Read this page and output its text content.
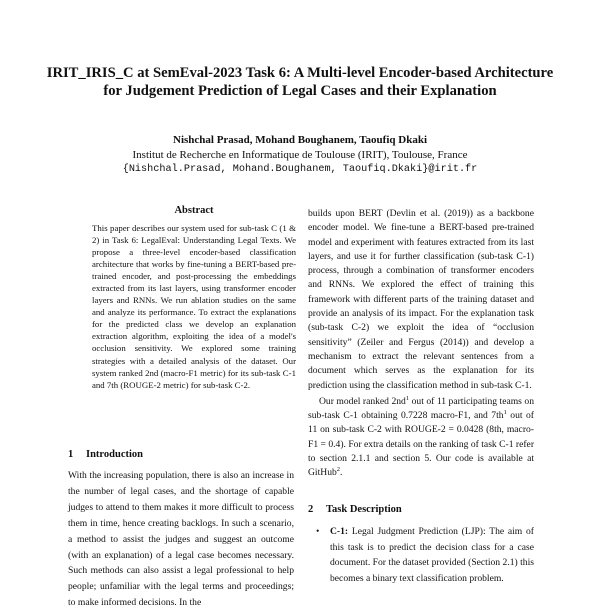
IRIT_IRIS_C at SemEval-2023 Task 6: A Multi-level Encoder-based Architecture for Judgement Prediction of Legal Cases and their Explanation
Nishchal Prasad, Mohand Boughanem, Taoufiq Dkaki
Institut de Recherche en Informatique de Toulouse (IRIT), Toulouse, France
{Nishchal.Prasad, Mohand.Boughanem, Taoufiq.Dkaki}@irit.fr
Abstract

This paper describes our system used for sub-task C (1 & 2) in Task 6: LegalEval: Understanding Legal Texts. We propose a three-level encoder-based classification architecture that works by fine-tuning a BERT-based pre-trained encoder, and post-processing the embeddings extracted from its last layers, using transformer encoder layers and RNNs. We run ablation studies on the same and analyze its performance. To extract the explanations for the predicted class we develop an explanation extraction algorithm, exploiting the idea of a model's occlusion sensitivity. We explored some training strategies with a detailed analysis of the dataset. Our system ranked 2nd (macro-F1 metric) for its sub-task C-1 and 7th (ROUGE-2 metric) for sub-task C-2.

1 Introduction

With the increasing population, there is also an increase in the number of legal cases, and the shortage of capable judges to attend to them makes it more difficult to process them in time, hence creating backlogs. In such a scenario, a method to assist the judges and suggest an outcome (with an explanation) of a legal case becomes necessary. Such methods can also assist a legal professional to help people; unfamiliar with the legal terms and proceedings; to make informed decisions. In the

builds upon BERT (Devlin et al. (2019)) as a backbone encoder model. We fine-tune a BERT-based pre-trained model and experiment with features extracted from its last layers, and use it for further classification (sub-task C-1) process, through a combination of transformer encoders and RNNs. We explored the effect of training this framework with different parts of the training dataset and provide an analysis of its impact. For the explanation task (sub-task C-2) we exploit the idea of “occlusion sensitivity” (Zeiler and Fergus (2014)) and develop a mechanism to extract the relevant sentences from a document which serves as the explanation for its prediction using the classification method in sub-task C-1.

Our model ranked $2nd^1$ out of 11 participating teams on sub-task C-1 obtaining 0.7228 macro-F1, and $7th^1$ out of 11 on sub-task C-2 with ROUGE-2 = 0.0428 (8th, macro-F1 = 0.4). For extra details on the ranking of task C-1 refer to section 2.1.1 and section 5. Our code is available at GitHub$^2$.

2 Task Description
• C-1: Legal Judgment Prediction (LJP): The aim of this task is to predict the decision class for a case document. For the dataset provided (Section 2.1) this becomes a binary text classification problem.
